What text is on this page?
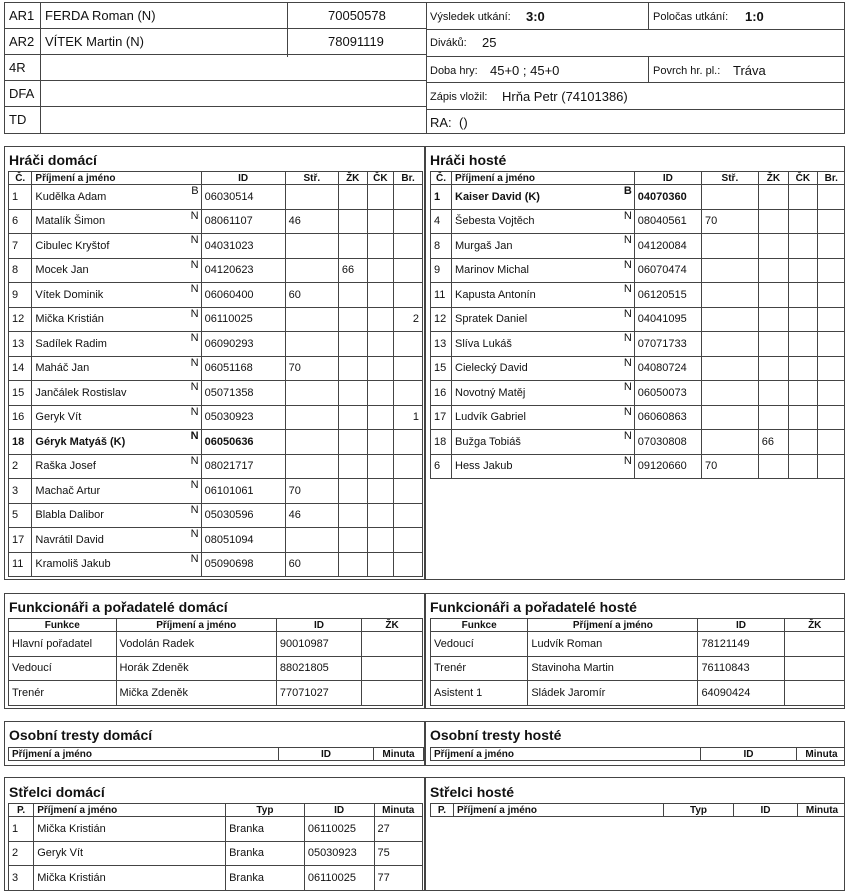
AR1 FERDA Roman (N)	70050578
AR2 VÍTEK Martin (N)	78091119
4R
DFA
TD
Výsledek utkání: 3:0	Poločas utkání: 1:0
Diváků: 25
Doba hry: 45+0 ; 45+0	Povrch hr. pl.: Tráva
Zápis vložil: Hrňa Petr (74101386)
RA: ()
Hráči domácí
Č.	Příjmení a jméno	ID	Stř.	ŽK	ČK	Br.
1	Kudělka Adam B	06030514				
6	Matalík Šimon N	08061107	46			
7	Cibulec Kryštof N	04031023				
8	Mocek Jan N	04120623		66		
9	Vítek Dominik N	06060400	60			
12	Mička Kristián N	06110025				2
13	Sadílek Radim N	06090293				
14	Maháč Jan N	06051168	70			
15	Jančálek Rostislav N	05071358				
16	Geryk Vít N	05030923				1
18	Géryk Matyáš (K) N	06050636				
2	Raška Josef N	08021717				
3	Machač Artur N	06101061	70			
5	Blabla Dalibor N	05030596	46			
17	Navrátil David N	08051094				
11	Kramoliš Jakub N	05090698	60			
Hráči hosté
Č.	Příjmení a jméno	ID	Stř.	ŽK	ČK	Br.
1	Kaiser David (K) B	04070360				
4	Šebesta Vojtěch N	08040561	70			
8	Murgaš Jan N	04120084				
9	Marinov Michal N	06070474				
11	Kapusta Antonín N	06120515				
12	Spratek Daniel N	04041095				
13	Slíva Lukáš N	07071733				
15	Cielecký David N	04080724				
16	Novotný Matěj N	06050073				
17	Ludvík Gabriel N	06060863				
18	Bužga Tobiáš N	07030808		66		
6	Hess Jakub N	09120660	70			
Funkcionáři a pořadatelé domácí
Funkce	Příjmení a jméno	ID	ŽK
Hlavní pořadatel	Vodolán Radek	90010987	
Vedoucí	Horák Zdeněk	88021805	
Trenér	Mička Zdeněk	77071027	
Funkcionáři a pořadatelé hosté
Funkce	Příjmení a jméno	ID	ŽK
Vedoucí	Ludvík Roman	78121149	
Trenér	Stavinoha Martin	76110843	
Asistent 1	Sládek Jaromír	64090424	
Osobní tresty domácí
Příjmení a jméno	ID	Minuta
Osobní tresty hosté
Příjmení a jméno	ID	Minuta
Střelci domácí
P.	Příjmení a jméno	Typ	ID	Minuta
1	Mička Kristián	Branka	06110025	27
2	Geryk Vít	Branka	05030923	75
3	Mička Kristián	Branka	06110025	77
Střelci hosté
P.	Příjmení a jméno	Typ	ID	Minuta
